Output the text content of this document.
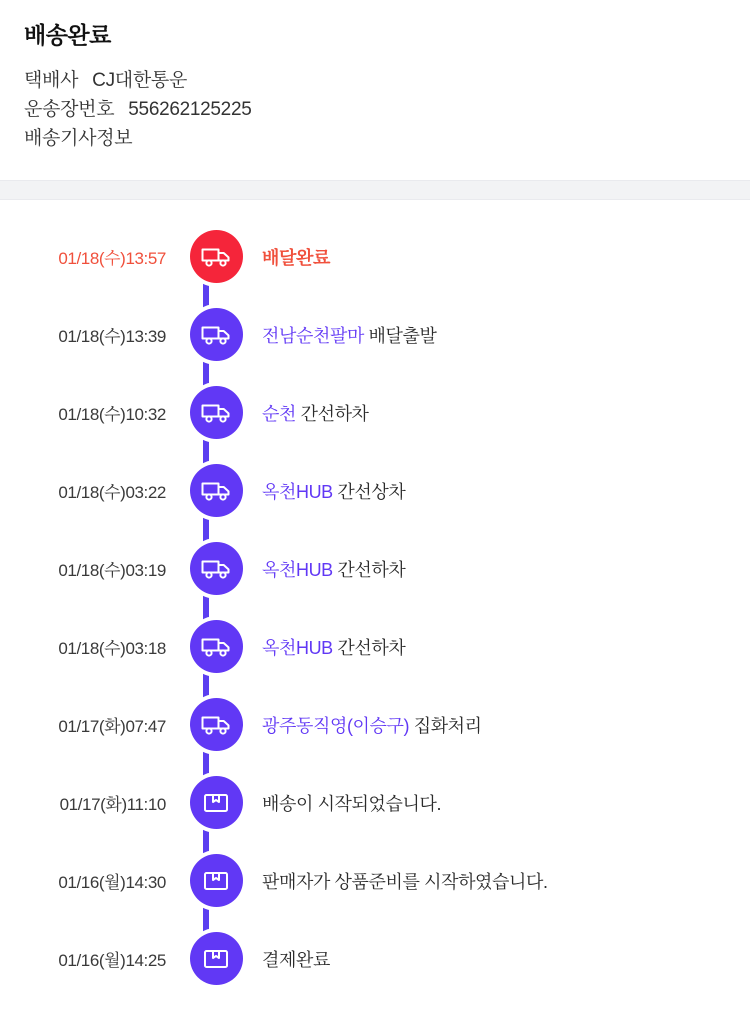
배송완료
택배사 CJ대한통운
운송장번호 556262125225
배송기사정보
01/18(수)13:57	배달완료
01/18(수)13:39	전남순천팔마 배달출발
01/18(수)10:32	순천 간선하차
01/18(수)03:22	옥천HUB 간선상차
01/18(수)03:19	옥천HUB 간선하차
01/18(수)03:18	옥천HUB 간선하차
01/17(화)07:47	광주동직영(이승구) 집화처리
01/17(화)11:10	배송이 시작되었습니다.
01/16(월)14:30	판매자가 상품준비를 시작하였습니다.
01/16(월)14:25	결제완료
